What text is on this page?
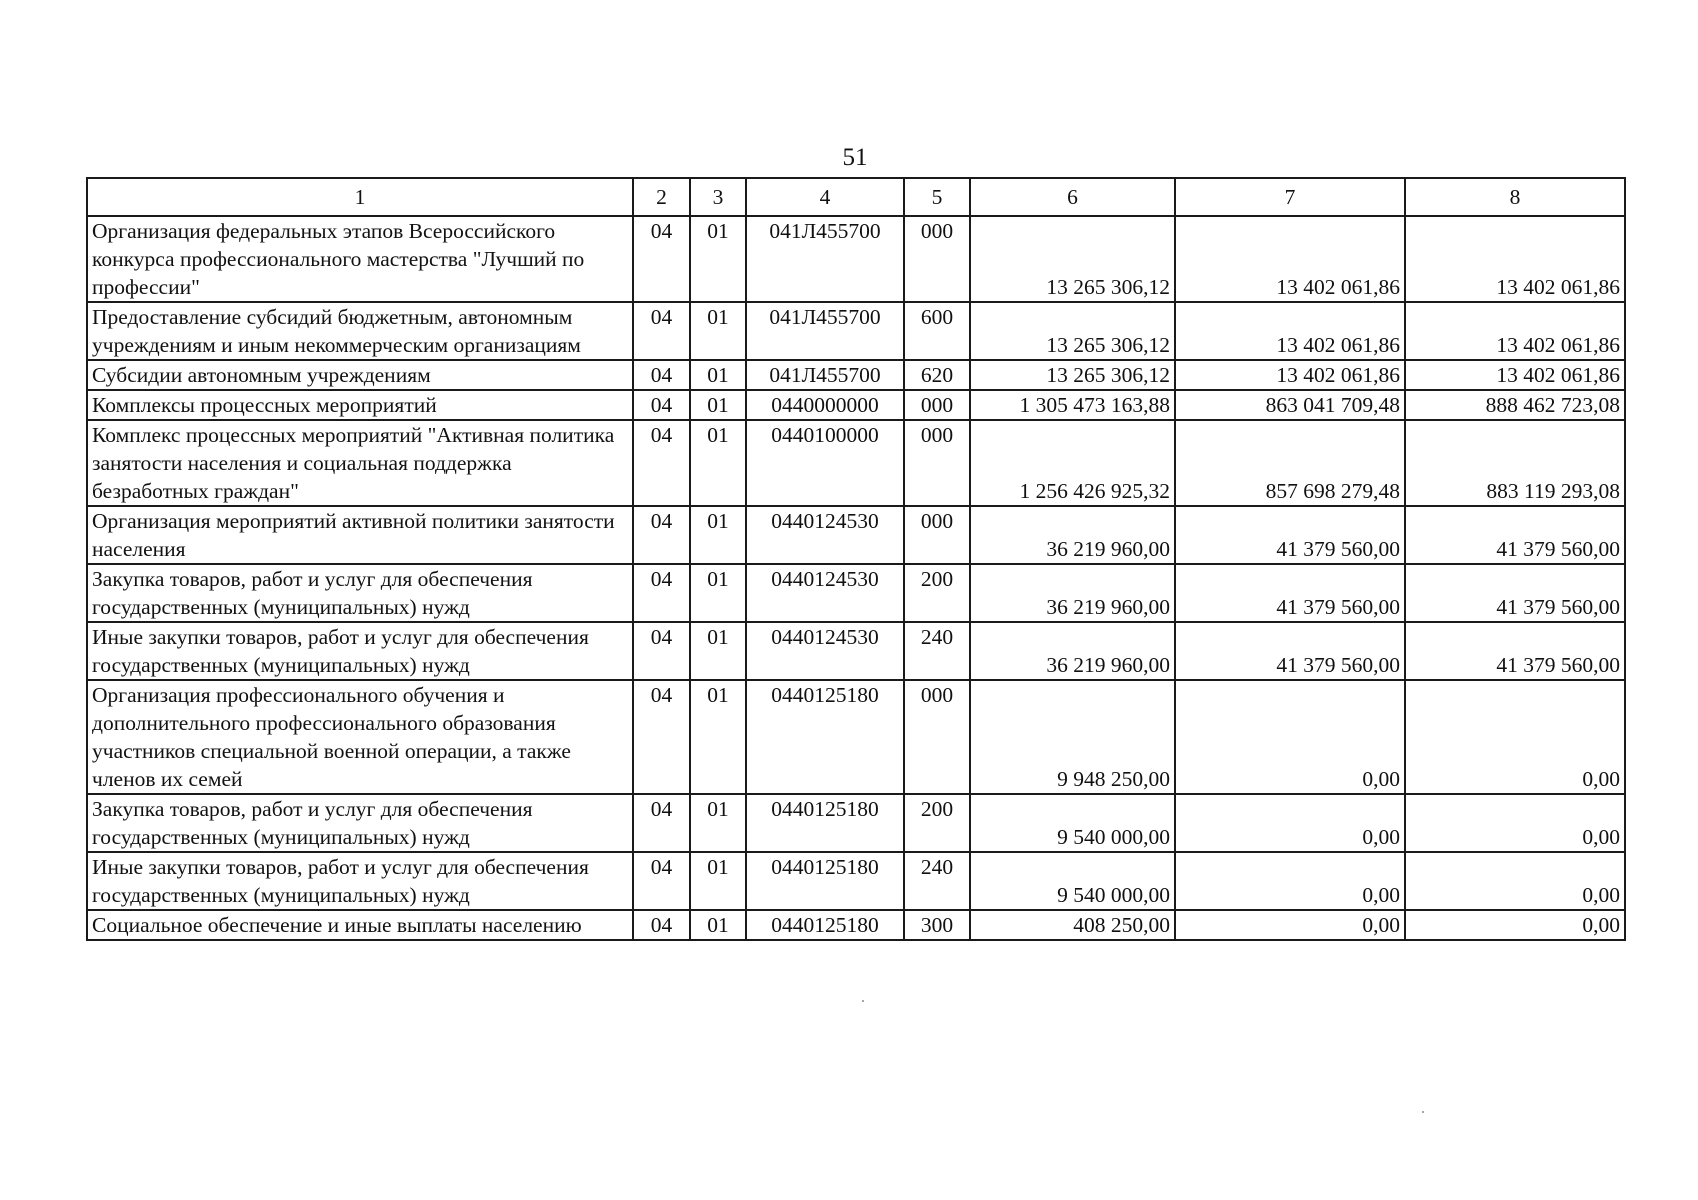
51
1	2	3	4	5	6	7	8
Организация федеральных этапов Всероссийского конкурса профессионального мастерства "Лучший по профессии"	04	01	041Л455700	000	13 265 306,12	13 402 061,86	13 402 061,86
Предоставление субсидий бюджетным, автономным учреждениям и иным некоммерческим организациям	04	01	041Л455700	600	13 265 306,12	13 402 061,86	13 402 061,86
Субсидии автономным учреждениям	04	01	041Л455700	620	13 265 306,12	13 402 061,86	13 402 061,86
Комплексы процессных мероприятий	04	01	0440000000	000	1 305 473 163,88	863 041 709,48	888 462 723,08
Комплекс процессных мероприятий "Активная политика занятости населения и социальная поддержка безработных граждан"	04	01	0440100000	000	1 256 426 925,32	857 698 279,48	883 119 293,08
Организация мероприятий активной политики занятости населения	04	01	0440124530	000	36 219 960,00	41 379 560,00	41 379 560,00
Закупка товаров, работ и услуг для обеспечения государственных (муниципальных) нужд	04	01	0440124530	200	36 219 960,00	41 379 560,00	41 379 560,00
Иные закупки товаров, работ и услуг для обеспечения государственных (муниципальных) нужд	04	01	0440124530	240	36 219 960,00	41 379 560,00	41 379 560,00
Организация профессионального обучения и дополнительного профессионального образования участников специальной военной операции, а также членов их семей	04	01	0440125180	000	9 948 250,00	0,00	0,00
Закупка товаров, работ и услуг для обеспечения государственных (муниципальных) нужд	04	01	0440125180	200	9 540 000,00	0,00	0,00
Иные закупки товаров, работ и услуг для обеспечения государственных (муниципальных) нужд	04	01	0440125180	240	9 540 000,00	0,00	0,00
Социальное обеспечение и иные выплаты населению	04	01	0440125180	300	408 250,00	0,00	0,00
